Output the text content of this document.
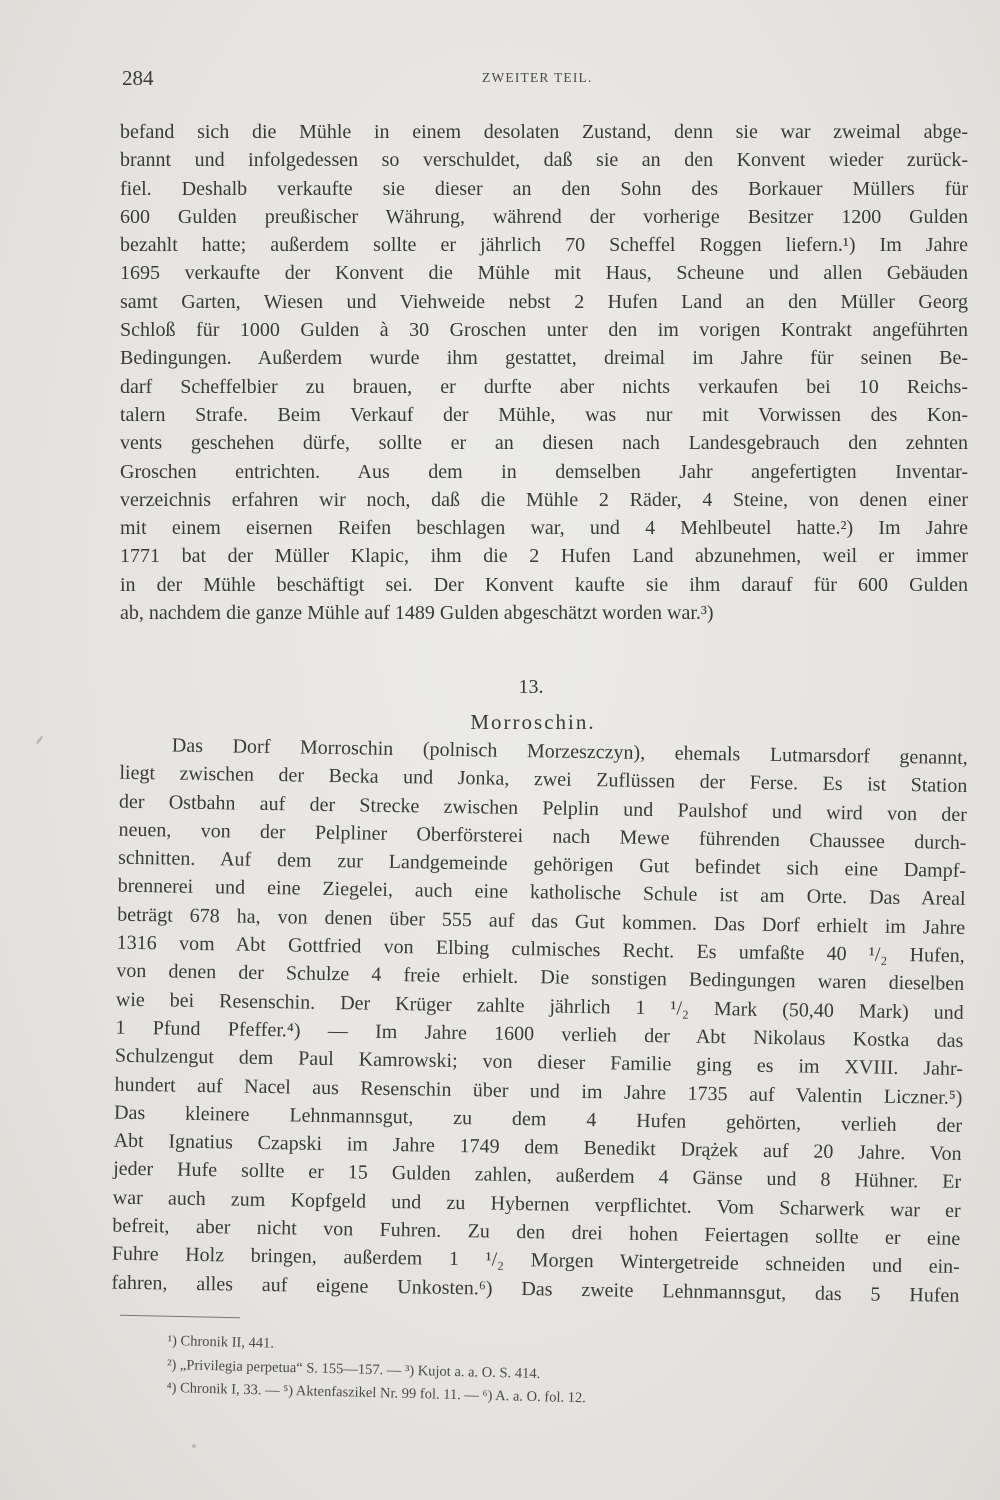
284	ZWEITER TEIL.
befand sich die Mühle in einem desolaten Zustand, denn sie war zweimal abge-
brannt und infolgedessen so verschuldet, daß sie an den Konvent wieder zurück-
fiel. Deshalb verkaufte sie dieser an den Sohn des Borkauer Müllers für
600 Gulden preußischer Währung, während der vorherige Besitzer 1200 Gulden
bezahlt hatte; außerdem sollte er jährlich 70 Scheffel Roggen liefern.¹) Im Jahre
1695 verkaufte der Konvent die Mühle mit Haus, Scheune und allen Gebäuden
samt Garten, Wiesen und Viehweide nebst 2 Hufen Land an den Müller Georg
Schloß für 1000 Gulden à 30 Groschen unter den im vorigen Kontrakt angeführten
Bedingungen. Außerdem wurde ihm gestattet, dreimal im Jahre für seinen Be-
darf Scheffelbier zu brauen, er durfte aber nichts verkaufen bei 10 Reichs-
talern Strafe. Beim Verkauf der Mühle, was nur mit Vorwissen des Kon-
vents geschehen dürfe, sollte er an diesen nach Landesgebrauch den zehnten
Groschen entrichten. Aus dem in demselben Jahr angefertigten Inventar-
verzeichnis erfahren wir noch, daß die Mühle 2 Räder, 4 Steine, von denen einer
mit einem eisernen Reifen beschlagen war, und 4 Mehlbeutel hatte.²) Im Jahre
1771 bat der Müller Klapic, ihm die 2 Hufen Land abzunehmen, weil er immer
in der Mühle beschäftigt sei. Der Konvent kaufte sie ihm darauf für 600 Gulden
ab, nachdem die ganze Mühle auf 1489 Gulden abgeschätzt worden war.³)
13.
Morroschin.
Das Dorf Morroschin (polnisch Morzeszczyn), ehemals Lutmarsdorf genannt,
liegt zwischen der Becka und Jonka, zwei Zuflüssen der Ferse. Es ist Station
der Ostbahn auf der Strecke zwischen Pelplin und Paulshof und wird von der
neuen, von der Pelpliner Oberförsterei nach Mewe führenden Chaussee durch-
schnitten. Auf dem zur Landgemeinde gehörigen Gut befindet sich eine Dampf-
brennerei und eine Ziegelei, auch eine katholische Schule ist am Orte. Das Areal
beträgt 678 ha, von denen über 555 auf das Gut kommen. Das Dorf erhielt im Jahre
1316 vom Abt Gottfried von Elbing culmisches Recht. Es umfaßte 40 ¹/₂ Hufen,
von denen der Schulze 4 freie erhielt. Die sonstigen Bedingungen waren dieselben
wie bei Resenschin. Der Krüger zahlte jährlich 1 ¹/₂ Mark (50,40 Mark) und
1 Pfund Pfeffer.⁴) — Im Jahre 1600 verlieh der Abt Nikolaus Kostka das
Schulzengut dem Paul Kamrowski; von dieser Familie ging es im XVIII. Jahr-
hundert auf Nacel aus Resenschin über und im Jahre 1735 auf Valentin Liczner.⁵)
Das kleinere Lehnmannsgut, zu dem 4 Hufen gehörten, verlieh der
Abt Ignatius Czapski im Jahre 1749 dem Benedikt Drążek auf 20 Jahre. Von
jeder Hufe sollte er 15 Gulden zahlen, außerdem 4 Gänse und 8 Hühner. Er
war auch zum Kopfgeld und zu Hybernen verpflichtet. Vom Scharwerk war er
befreit, aber nicht von Fuhren. Zu den drei hohen Feiertagen sollte er eine
Fuhre Holz bringen, außerdem 1 ¹/₂ Morgen Wintergetreide schneiden und ein-
fahren, alles auf eigene Unkosten.⁶) Das zweite Lehnmannsgut, das 5 Hufen
¹) Chronik II, 441.
²) „Privilegia perpetua“ S. 155—157. — ³) Kujot a. a. O. S. 414.
⁴) Chronik I, 33. — ⁵) Aktenfaszikel Nr. 99 fol. 11. — ⁶) A. a. O. fol. 12.
